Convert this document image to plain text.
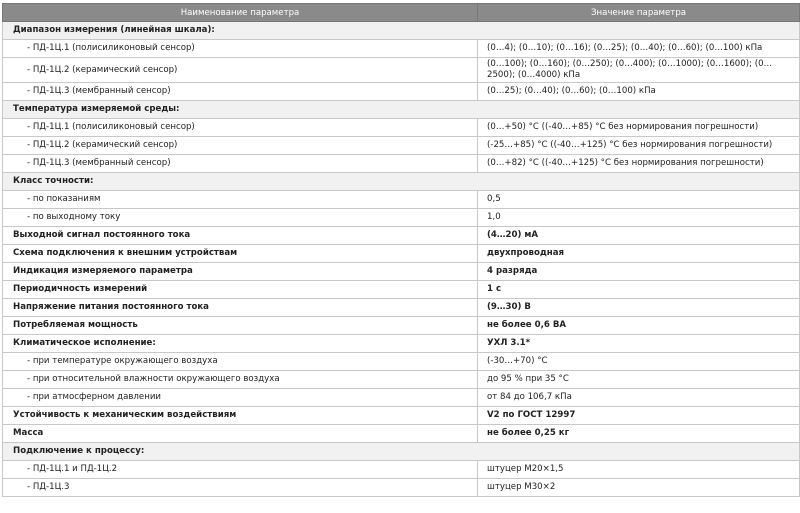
Наименование параметра	Значение параметра
Диапазон измерения (линейная шкала):	
- ПД-1Ц.1 (полисиликоновый сенсор)	(0…4); (0…10); (0…16); (0…25); (0…40); (0…60); (0…100) кПа
- ПД-1Ц.2 (керамический сенсор)	(0…100); (0…160); (0…250); (0…400); (0…1000); (0…1600); (0…2500); (0…4000) кПа
- ПД-1Ц.3 (мембранный сенсор)	(0…25); (0…40); (0…60); (0…100) кПа
Температура измеряемой среды:	
- ПД-1Ц.1 (полисиликоновый сенсор)	(0…+50) °С ((-40…+85) °С без нормирования погрешности)
- ПД-1Ц.2 (керамический сенсор)	(-25…+85) °С ((-40…+125) °С без нормирования погрешности)
- ПД-1Ц.3 (мембранный сенсор)	(0…+82) °С ((-40…+125) °С без нормирования погрешности)
Класс точности:	
- по показаниям	0,5
- по выходному току	1,0
Выходной сигнал постоянного тока	(4…20) мА
Схема подключения к внешним устройствам	двухпроводная
Индикация измеряемого параметра	4 разряда
Периодичность измерений	1 с
Напряжение питания постоянного тока	(9…30) В
Потребляемая мощность	не более 0,6 ВА
Климатическое исполнение:	УХЛ 3.1*
- при температуре окружающего воздуха	(-30…+70) °С
- при относительной влажности окружающего воздуха	до 95 % при 35 °С
- при атмосферном давлении	от 84 до 106,7 кПа
Устойчивость к механическим воздействиям	V2 по ГОСТ 12997
Масса	не более 0,25 кг
Подключение к процессу:	
- ПД-1Ц.1 и ПД-1Ц.2	штуцер М20×1,5
- ПД-1Ц.3	штуцер М30×2
